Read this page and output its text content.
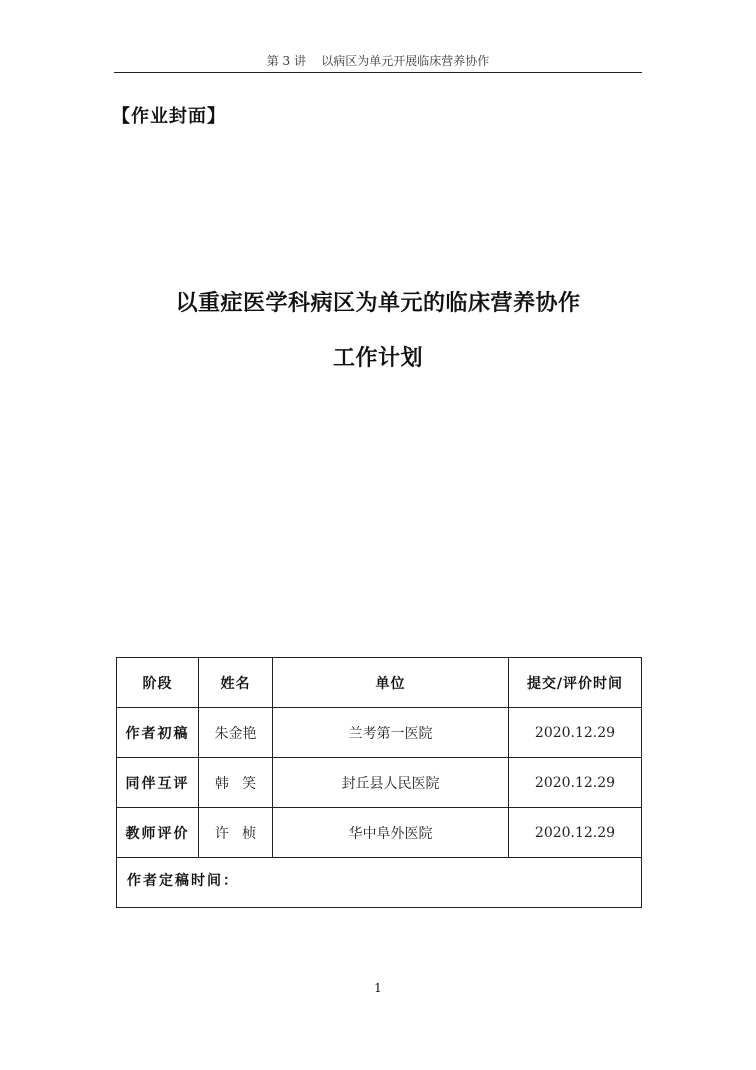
第 3 讲    以病区为单元开展临床营养协作
【作业封面】
以重症医学科病区为单元的临床营养协作
工作计划
阶段	姓名	单位	提交/评价时间
作者初稿	朱金艳	兰考第一医院	2020.12.29
同伴互评	韩   笑	封丘县人民医院	2020.12.29
教师评价	许   桢	华中阜外医院	2020.12.29
作者定稿时间：			
1
